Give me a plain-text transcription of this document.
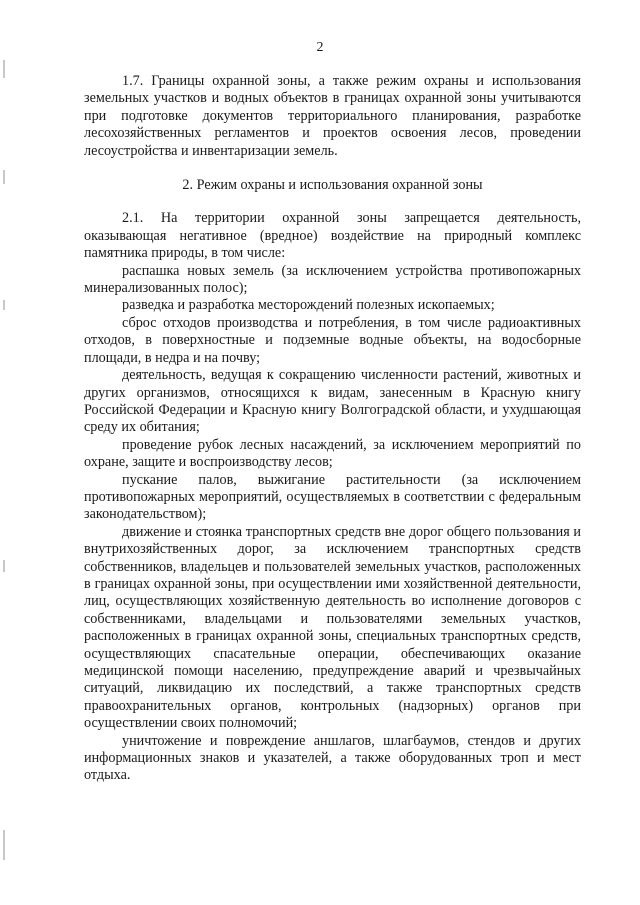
2

1.7. Границы охранной зоны, а также режим охраны и использования земельных участков и водных объектов в границах охранной зоны учитываются при подготовке документов территориального планирования, разработке лесохозяйственных регламентов и проектов освоения лесов, проведении лесоустройства и инвентаризации земель.

2. Режим охраны и использования охранной зоны

2.1. На территории охранной зоны запрещается деятельность, оказывающая негативное (вредное) воздействие на природный комплекс памятника природы, в том числе:

распашка новых земель (за исключением устройства противопожарных минерализованных полос);

разведка и разработка месторождений полезных ископаемых;

сброс отходов производства и потребления, в том числе радиоактивных отходов, в поверхностные и подземные водные объекты, на водосборные площади, в недра и на почву;

деятельность, ведущая к сокращению численности растений, животных и других организмов, относящихся к видам, занесенным в Красную книгу Российской Федерации и Красную книгу Волгоградской области, и ухудшающая среду их обитания;

проведение рубок лесных насаждений, за исключением мероприятий по охране, защите и воспроизводству лесов;

пускание палов, выжигание растительности (за исключением противопожарных мероприятий, осуществляемых в соответствии с федеральным законодательством);

движение и стоянка транспортных средств вне дорог общего пользования и внутрихозяйственных дорог, за исключением транспортных средств собственников, владельцев и пользователей земельных участков, расположенных в границах охранной зоны, при осуществлении ими хозяйственной деятельности, лиц, осуществляющих хозяйственную деятельность во исполнение договоров с собственниками, владельцами и пользователями земельных участков, расположенных в границах охранной зоны, специальных транспортных средств, осуществляющих спасательные операции, обеспечивающих оказание медицинской помощи населению, предупреждение аварий и чрезвычайных ситуаций, ликвидацию их последствий, а также транспортных средств правоохранительных органов, контрольных (надзорных) органов при осуществлении своих полномочий;

уничтожение и повреждение аншлагов, шлагбаумов, стендов и других информационных знаков и указателей, а также оборудованных троп и мест отдыха.
